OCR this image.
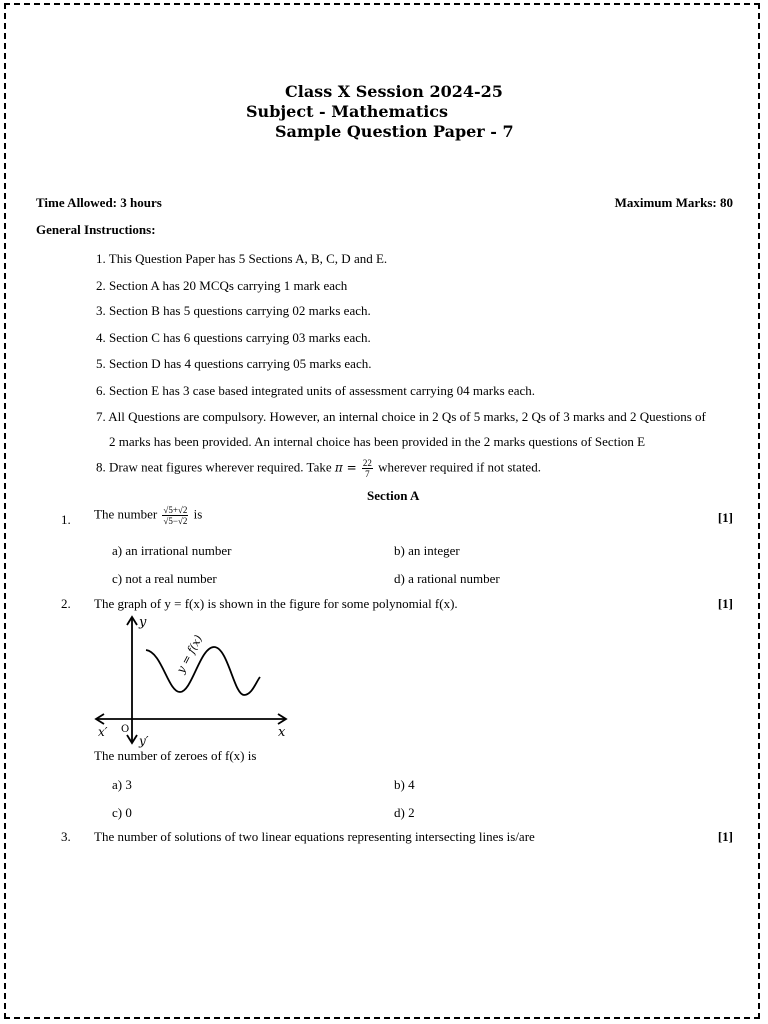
Class X Session 2024-25
Subject - Mathematics
Sample Question Paper - 7
Time Allowed: 3 hours	Maximum Marks: 80
General Instructions:
1. This Question Paper has 5 Sections A, B, C, D and E.
2. Section A has 20 MCQs carrying 1 mark each
3. Section B has 5 questions carrying 02 marks each.
4. Section C has 6 questions carrying 03 marks each.
5. Section D has 4 questions carrying 05 marks each.
6. Section E has 3 case based integrated units of assessment carrying 04 marks each.
7. All Questions are compulsory. However, an internal choice in 2 Qs of 5 marks, 2 Qs of 3 marks and 2 Questions of
2 marks has been provided. An internal choice has been provided in the 2 marks questions of Section E
8. Draw neat figures wherever required. Take $\pi = \frac{22}{7}$ wherever required if not stated.
Section A
1. The number $\frac{√5+√2}{√5-√2}$ is	[1]
a) an irrational number	b) an integer
c) not a real number	d) a rational number
2. The graph of y = f(x) is shown in the figure for some polynomial f(x).	[1]
y
y′
x
x′ O
y = f(x)
The number of zeroes of f(x) is
a) 3	b) 4
c) 0	d) 2
3. The number of solutions of two linear equations representing intersecting lines is/are	[1]
